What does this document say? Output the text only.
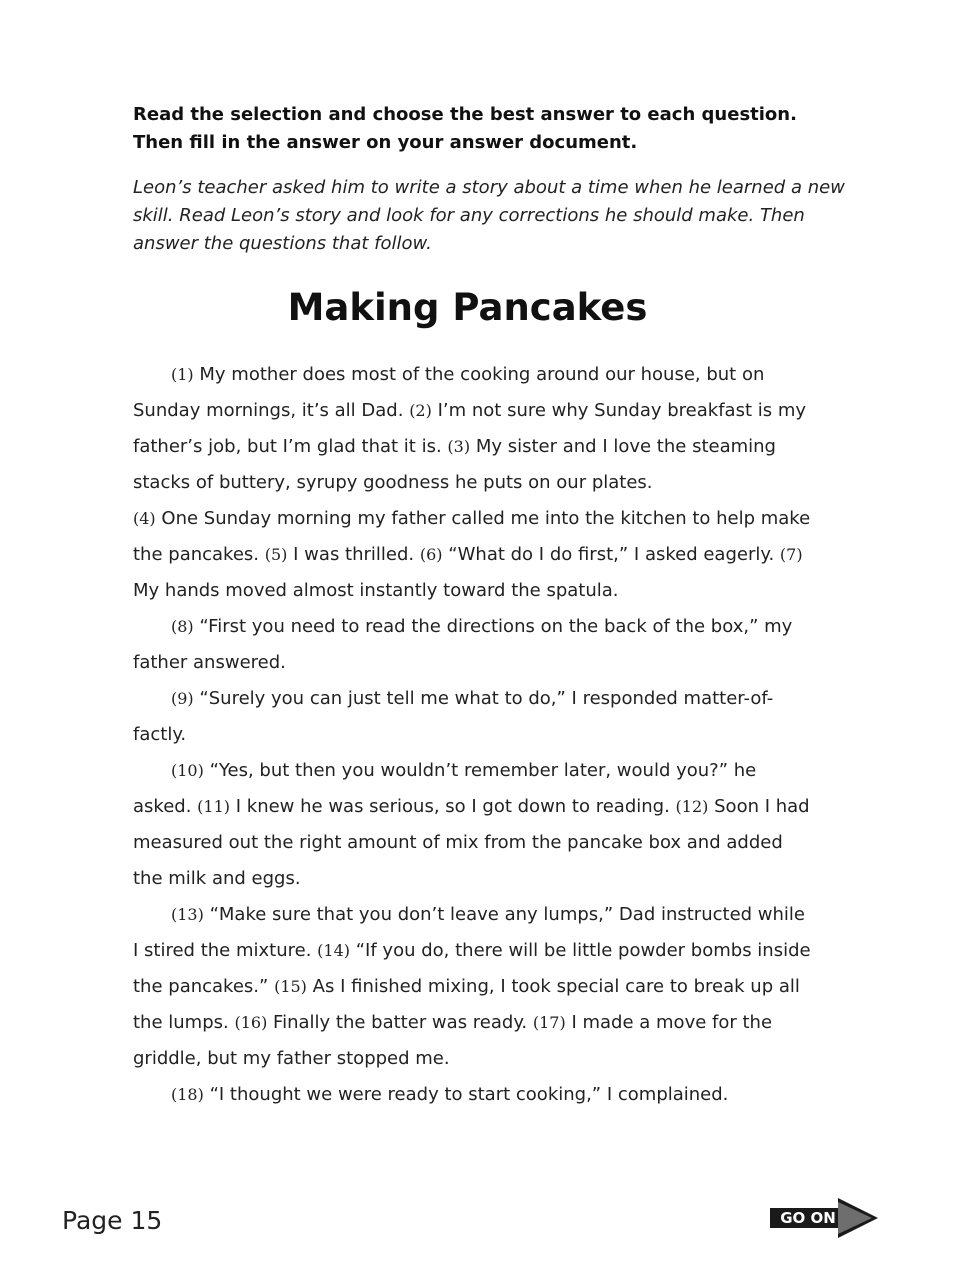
Read the selection and choose the best answer to each question. Then fill in the answer on your answer document.
Leon’s teacher asked him to write a story about a time when he learned a new skill. Read Leon’s story and look for any corrections he should make. Then answer the questions that follow.
Making Pancakes

(1) My mother does most of the cooking around our house, but on Sunday mornings, it’s all Dad. (2) I’m not sure why Sunday breakfast is my father’s job, but I’m glad that it is. (3) My sister and I love the steaming stacks of buttery, syrupy goodness he puts on our plates.

(4) One Sunday morning my father called me into the kitchen to help make the pancakes. (5) I was thrilled. (6) “What do I do first,” I asked eagerly. (7) My hands moved almost instantly toward the spatula.

(8) “First you need to read the directions on the back of the box,” my father answered.

(9) “Surely you can just tell me what to do,” I responded matter-of-factly.

(10) “Yes, but then you wouldn’t remember later, would you?” he asked. (11) I knew he was serious, so I got down to reading. (12) Soon I had measured out the right amount of mix from the pancake box and added the milk and eggs.

(13) “Make sure that you don’t leave any lumps,” Dad instructed while I stired the mixture. (14) “If you do, there will be little powder bombs inside the pancakes.” (15) As I finished mixing, I took special care to break up all the lumps. (16) Finally the batter was ready. (17) I made a move for the griddle, but my father stopped me.

(18) “I thought we were ready to start cooking,” I complained.

Page 15	GO ON
